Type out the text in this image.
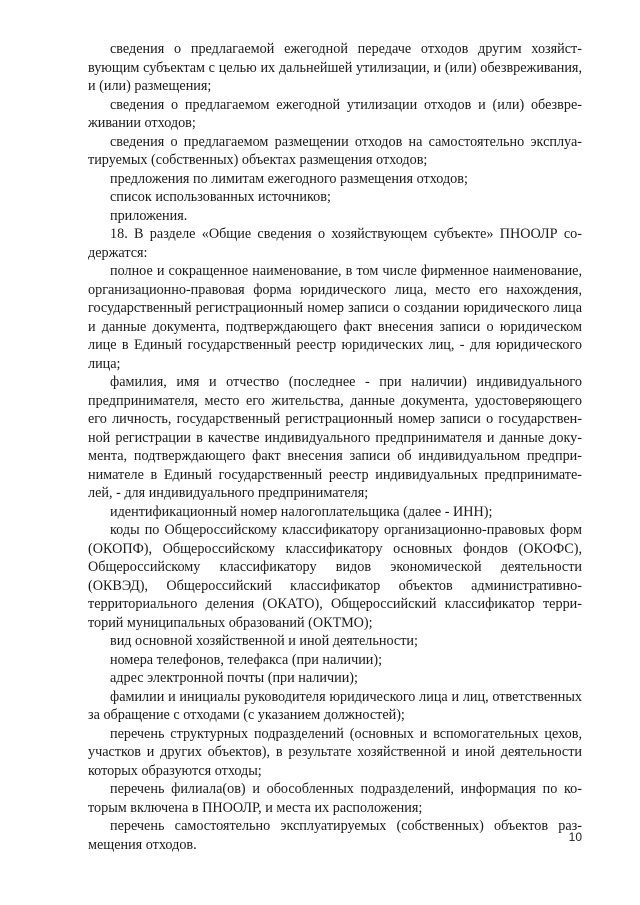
сведения о предлагаемой ежегодной передаче отходов другим хозяйствующим субъектам с целью их дальнейшей утилизации, и (или) обезвреживания, и (или) размещения;

сведения о предлагаемом ежегодной утилизации отходов и (или) обезвреживании отходов;

сведения о предлагаемом размещении отходов на самостоятельно эксплуатируемых (собственных) объектах размещения отходов;

предложения по лимитам ежегодного размещения отходов;

список использованных источников;

приложения.

18. В разделе «Общие сведения о хозяйствующем субъекте» ПНООЛР содержатся:

полное и сокращенное наименование, в том числе фирменное наименование, организационно-правовая форма юридического лица, место его нахождения, государственный регистрационный номер записи о создании юридического лица и данные документа, подтверждающего факт внесения записи о юридическом лице в Единый государственный реестр юридических лиц, - для юридического лица;

фамилия, имя и отчество (последнее - при наличии) индивидуального предпринимателя, место его жительства, данные документа, удостоверяющего его личность, государственный регистрационный номер записи о государственной регистрации в качестве индивидуального предпринимателя и данные документа, подтверждающего факт внесения записи об индивидуальном предпринимателе в Единый государственный реестр индивидуальных предпринимателей, - для индивидуального предпринимателя;

идентификационный номер налогоплательщика (далее - ИНН);

коды по Общероссийскому классификатору организационно-правовых форм (ОКОПФ), Общероссийскому классификатору основных фондов (ОКОФС), Общероссийскому классификатору видов экономической деятельности (ОКВЭД), Общероссийский классификатор объектов административнотерриториального деления (ОКАТО), Общероссийский классификатор территорий муниципальных образований (ОКТМО);

вид основной хозяйственной и иной деятельности;

номера телефонов, телефакса (при наличии);

адрес электронной почты (при наличии);

фамилии и инициалы руководителя юридического лица и лиц, ответственных за обращение с отходами (с указанием должностей);

перечень структурных подразделений (основных и вспомогательных цехов, участков и других объектов), в результате хозяйственной и иной деятельности которых образуются отходы;

перечень филиала(ов) и обособленных подразделений, информация по которым включена в ПНООЛР, и места их расположения;

перечень самостоятельно эксплуатируемых (собственных) объектов размещения отходов.	10
